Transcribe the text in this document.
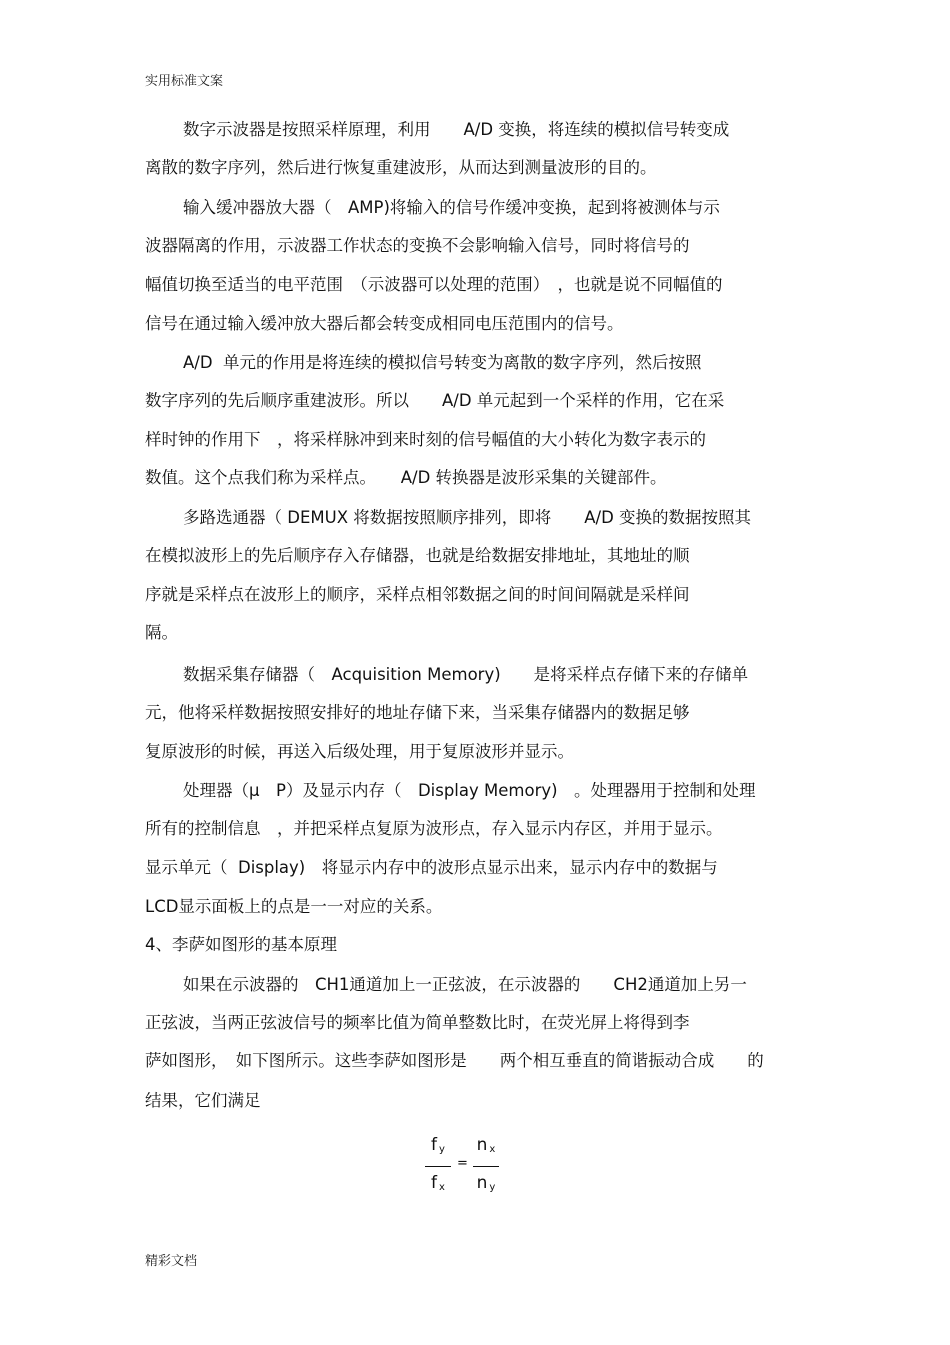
实用标准文案
数字示波器是按照采样原理，利用　　A/D 变换，将连续的模拟信号转变成
离散的数字序列，然后进行恢复重建波形，从而达到测量波形的目的。
输入缓冲器放大器（　AMP)将输入的信号作缓冲变换，起到将被测体与示
波器隔离的作用，示波器工作状态的变换不会影响输入信号，同时将信号的
幅值切换至适当的电平范围　（示波器可以处理的范围）　，也就是说不同幅值的
信号在通过输入缓冲放大器后都会转变成相同电压范围内的信号。
A/D  单元的作用是将连续的模拟信号转变为离散的数字序列，然后按照
数字序列的先后顺序重建波形。所以　　A/D 单元起到一个采样的作用，它在采
样时钟的作用下　，将采样脉冲到来时刻的信号幅值的大小转化为数字表示的
数值。这个点我们称为采样点。　　A/D 转换器是波形采集的关键部件。
多路选通器（ DEMUX 将数据按照顺序排列，即将　　A/D 变换的数据按照其
在模拟波形上的先后顺序存入存储器，也就是给数据安排地址，其地址的顺
序就是采样点在波形上的顺序，采样点相邻数据之间的时间间隔就是采样间
隔。
数据采集存储器（　Acquisition Memory)　　是将采样点存储下来的存储单
元，他将采样数据按照安排好的地址存储下来，当采集存储器内的数据足够
复原波形的时候，再送入后级处理，用于复原波形并显示。
处理器（μ　P）及显示内存（　Display Memory)　。处理器用于控制和处理
所有的控制信息　，并把采样点复原为波形点，存入显示内存区，并用于显示。
显示单元（  Display)　将显示内存中的波形点显示出来，显示内存中的数据与
LCD显示面板上的点是一一对应的关系。
4、李萨如图形的基本原理
如果在示波器的　CH1通道加上一正弦波，在示波器的　　CH2通道加上另一
正弦波，当两正弦波信号的频率比值为简单整数比时，在荧光屏上将得到李
萨如图形，　如下图所示。这些李萨如图形是　　两个相互垂直的简谐振动合成　　的
结果，它们满足
f $_y$
f $_x$
=
n $_x$
n $_y$
精彩文档
